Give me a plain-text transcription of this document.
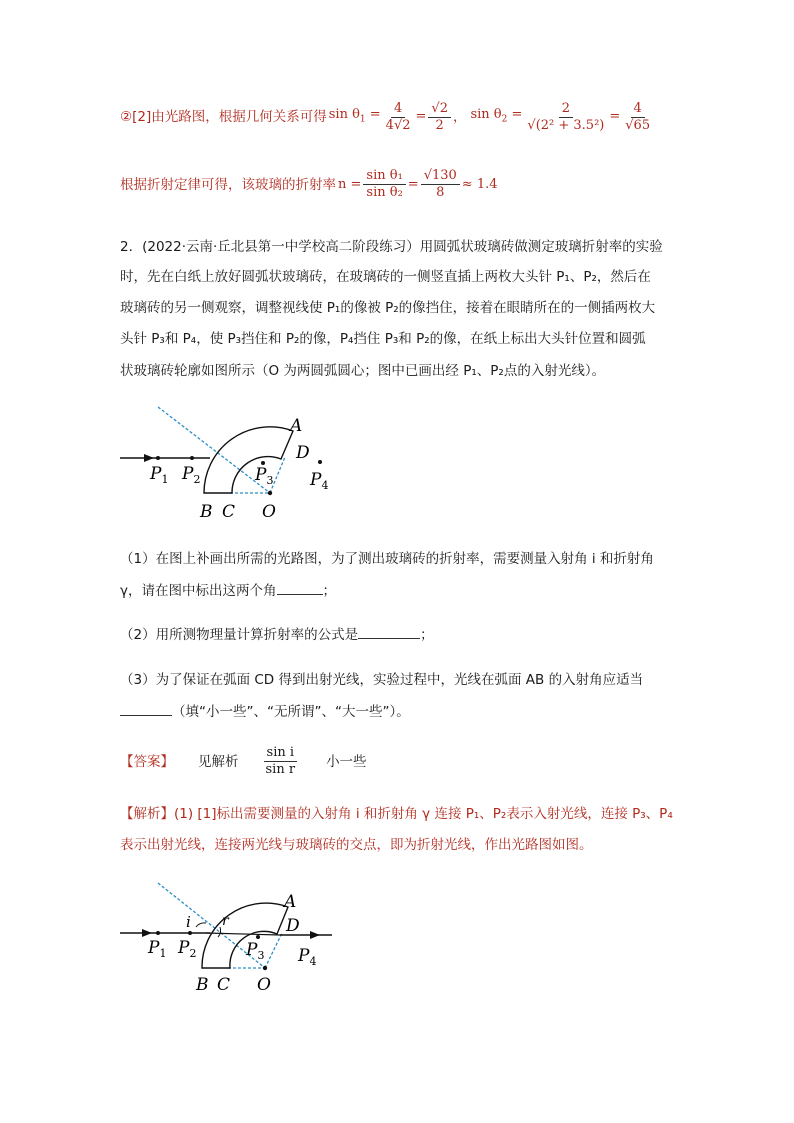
②[2]由光路图，根据几何关系可得 $\sin \theta_1 = \frac{4}{4√2} = \frac{√2}{2}$ ， $\sin \theta_2 = \frac{2}{\text{√(2² + 3.5²)}} = \frac{4}{√65}$
根据折射定律可得，该玻璃的折射率 $n = \frac{\text{sin θ₁}}{\text{sin θ₂}} = \frac{√130}{8} \approx 1.4$
2．(2022·云南·丘北县第一中学校高二阶段练习）用圆弧状玻璃砖做测定玻璃折射率的实验
时，先在白纸上放好圆弧状玻璃砖，在玻璃砖的一侧竖直插上两枚大头针 P₁、P₂，然后在
玻璃砖的另一侧观察，调整视线使 P₁的像被 P₂的像挡住，接着在眼睛所在的一侧插两枚大
头针 P₃和 P₄，使 P₃挡住和 P₂的像，P₄挡住 P₃和 P₂的像，在纸上标出大头针位置和圆弧
状玻璃砖轮廓如图所示（O 为两圆弧圆心；图中已画出经 P₁、P₂点的入射光线）。
A
D
B C O
$P_1$ $P_2$	$P_3$ $P_4$
（1）在图上补画出所需的光路图，为了测出玻璃砖的折射率，需要测量入射角 i 和折射角
γ，请在图中标出这两个角	；
（2）用所测物理量计算折射率的公式是	；
（3）为了保证在弧面 CD 得到出射光线，实验过程中，光线在弧面 AB 的入射角应适当
（填“小一些”、“无所谓”、“大一些”）。
【答案】 见解析 $\frac{\text{sin i}}{\text{sin r}}$ 小一些
【解析】(1) [1]标出需要测量的入射角 i 和折射角 γ 连接 P₁、P₂表示入射光线，连接 P₃、P₄
表示出射光线，连接两光线与玻璃砖的交点，即为折射光线，作出光路图如图。
i r
A
D
B C O
$P_1$ $P_2$	$P_3$ $P_4$
